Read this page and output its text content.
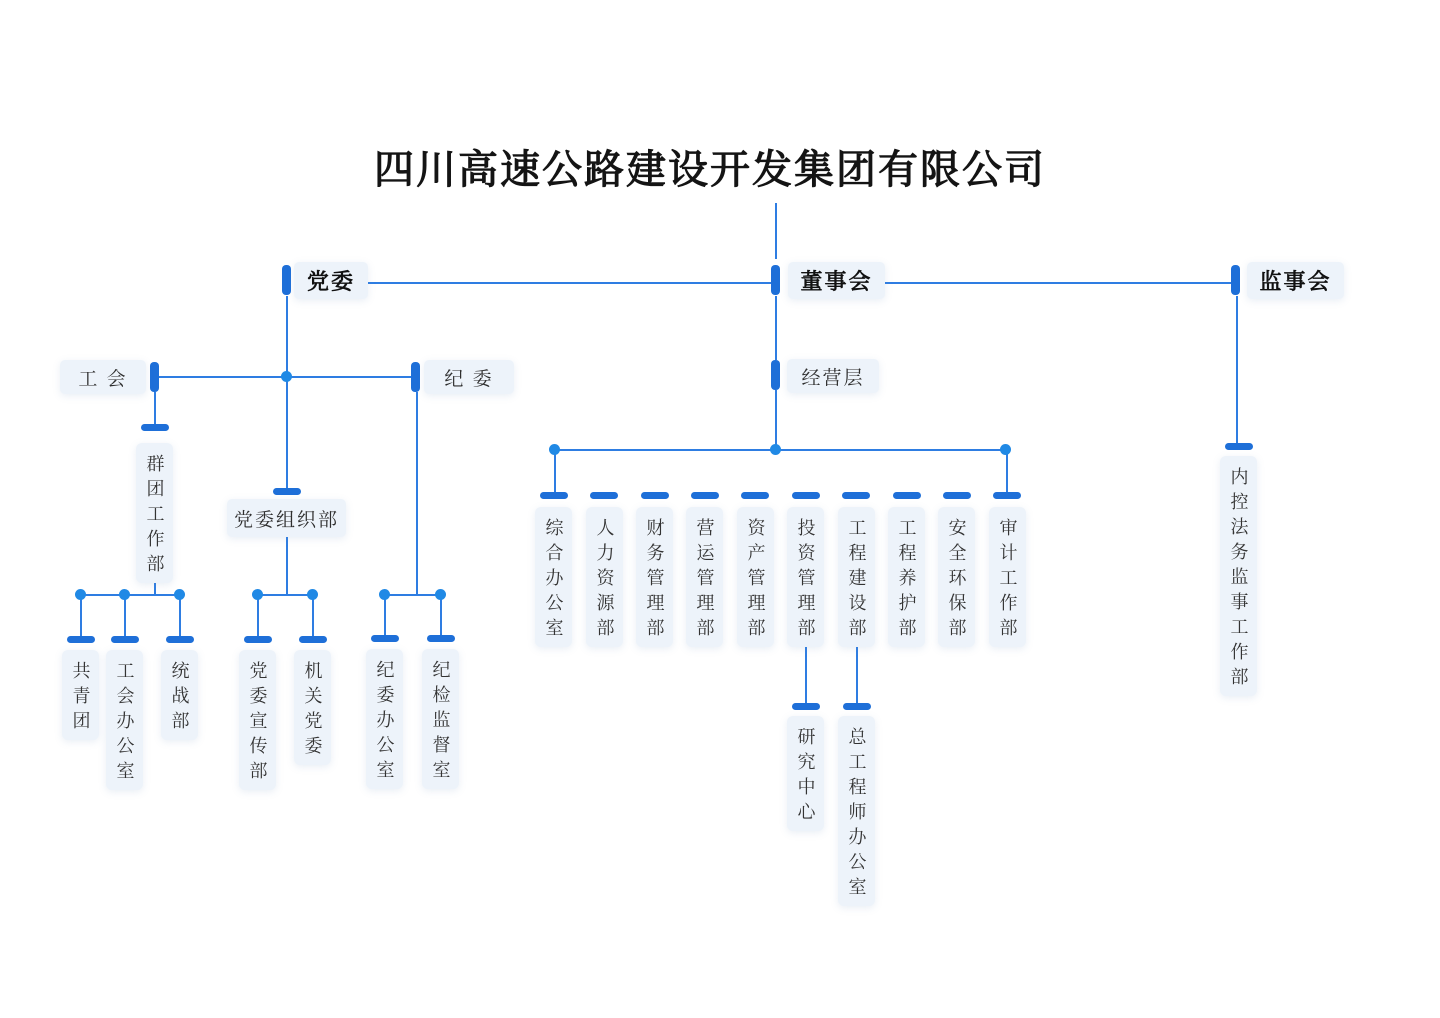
四川高速公路建设开发集团有限公司
党委	董事会	监事会
工 会	纪 委	经营层
党委组织部
群团工作部
共青团 工会办公室 统战部	党委宣传部 机关党委	纪委办公室 纪检监督室
综合办公室 人力资源部 财务管理部 营运管理部 资产管理部 投资管理部 工程建设部 工程养护部 安全环保部 审计工作部
研究中心 总工程师办公室
内控法务监事工作部
